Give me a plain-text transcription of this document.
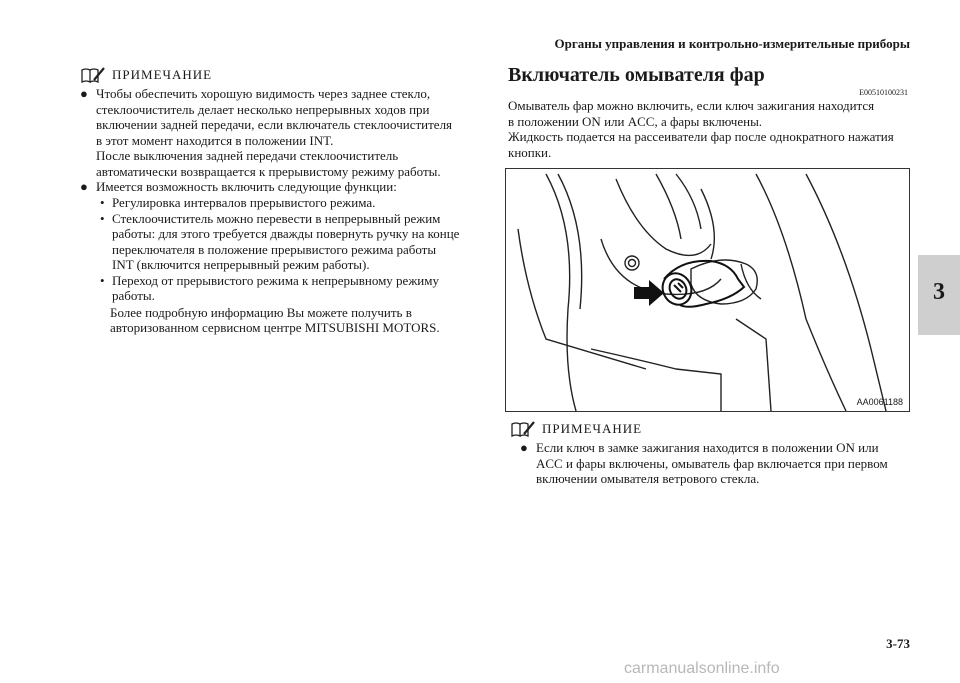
Органы управления и контрольно-измерительные приборы
3
ПРИМЕЧАНИЕ
● Чтобы обеспечить хорошую видимость через заднее стекло,
стеклоочиститель делает несколько непрерывных ходов при
включении задней передачи, если включатель стеклоочистителя
в этот момент находится в положении INT.
После выключения задней передачи стеклоочиститель
автоматически возвращается к прерывистому режиму работы.
● Имеется возможность включить следующие функции:
• Регулировка интервалов прерывистого режима.
• Стеклоочиститель можно перевести в непрерывный режим
работы: для этого требуется дважды повернуть ручку на конце
переключателя в положение прерывистого режима работы
INT (включится непрерывный режим работы).
• Переход от прерывистого режима к непрерывному режиму
работы.
Более подробную информацию Вы можете получить в
авторизованном сервисном центре MITSUBISHI MOTORS.
Включатель омывателя фар
E00510100231
Омыватель фар можно включить, если ключ зажигания находится
в положении ON или ACC, а фары включены.
Жидкость подается на рассеиватели фар после однократного нажатия
кнопки.
AA0061188
ПРИМЕЧАНИЕ
● Если ключ в замке зажигания находится в положении ON или
ACC и фары включены, омыватель фар включается при первом
включении омывателя ветрового стекла.
3-73
carmanualsonline.info
